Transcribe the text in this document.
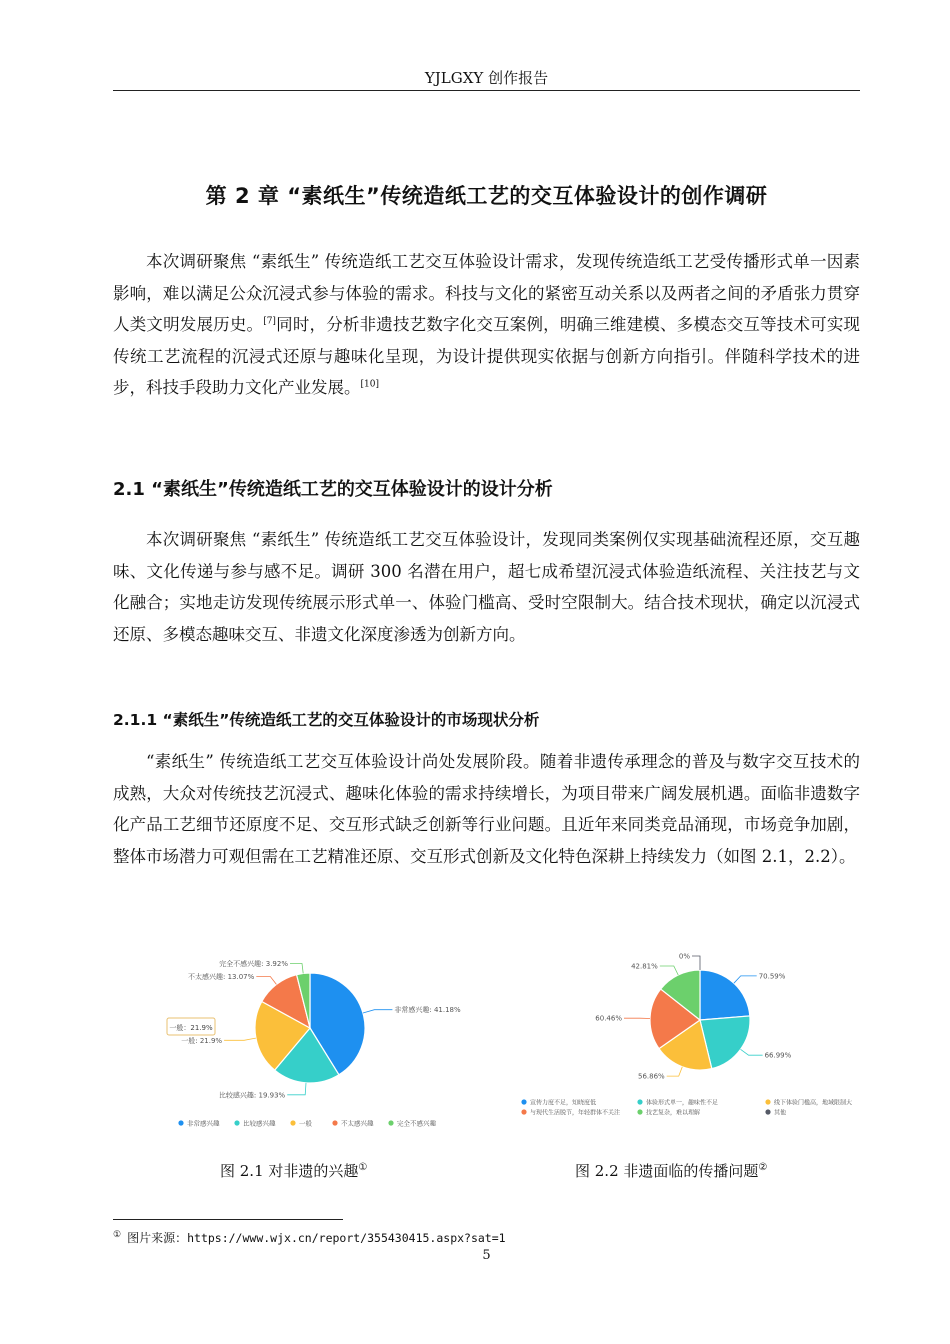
YJLGXY 创作报告
第 2 章 “素纸生”传统造纸工艺的交互体验设计的创作调研

本次调研聚焦 “素纸生” 传统造纸工艺交互体验设计需求，发现传统造纸工艺受传播形式单一因素影响，难以满足公众沉浸式参与体验的需求。科技与文化的紧密互动关系以及两者之间的矛盾张力贯穿人类文明发展历史。[7]同时，分析非遗技艺数字化交互案例，明确三维建模、多模态交互等技术可实现传统工艺流程的沉浸式还原与趣味化呈现，为设计提供现实依据与创新方向指引。伴随科学技术的进步，科技手段助力文化产业发展。[10]

2.1 “素纸生”传统造纸工艺的交互体验设计的设计分析

本次调研聚焦 “素纸生” 传统造纸工艺交互体验设计，发现同类案例仅实现基础流程还原，交互趣味、文化传递与参与感不足。调研 300 名潜在用户，超七成希望沉浸式体验造纸流程、关注技艺与文化融合；实地走访发现传统展示形式单一、体验门槛高、受时空限制大。结合技术现状，确定以沉浸式还原、多模态趣味交互、非遗文化深度渗透为创新方向。

2.1.1 “素纸生”传统造纸工艺的交互体验设计的市场现状分析

“素纸生” 传统造纸工艺交互体验设计尚处发展阶段。随着非遗传承理念的普及与数字交互技术的成熟，大众对传统技艺沉浸式、趣味化体验的需求持续增长，为项目带来广阔发展机遇。面临非遗数字化产品工艺细节还原度不足、交互形式缺乏创新等行业问题。且近年来同类竞品涌现，市场竞争加剧，整体市场潜力可观但需在工艺精准还原、交互形式创新及文化特色深耕上持续发力（如图 2.1，2.2）。

非常感兴趣: 41.18%
比较感兴趣: 19.93%
一般: 21.9%
不太感兴趣: 13.07%
完全不感兴趣: 3.92%
一般：21.9%
非常感兴趣	比较感兴趣	一般	不太感兴趣	完全不感兴趣
图 2.1 对非遗的兴趣①
70.59%
66.99%
56.86%
60.46%
42.81%
0%
宣传力度不足，知晓度低	体验形式单一，趣味性不足	线下体验门槛高，地域限制大
与现代生活脱节，年轻群体不关注	技艺复杂，难以理解	其他
图 2.2 非遗面临的传播问题②
① 图片来源：https://www.wjx.cn/report/355430415.aspx?sat=1
5
